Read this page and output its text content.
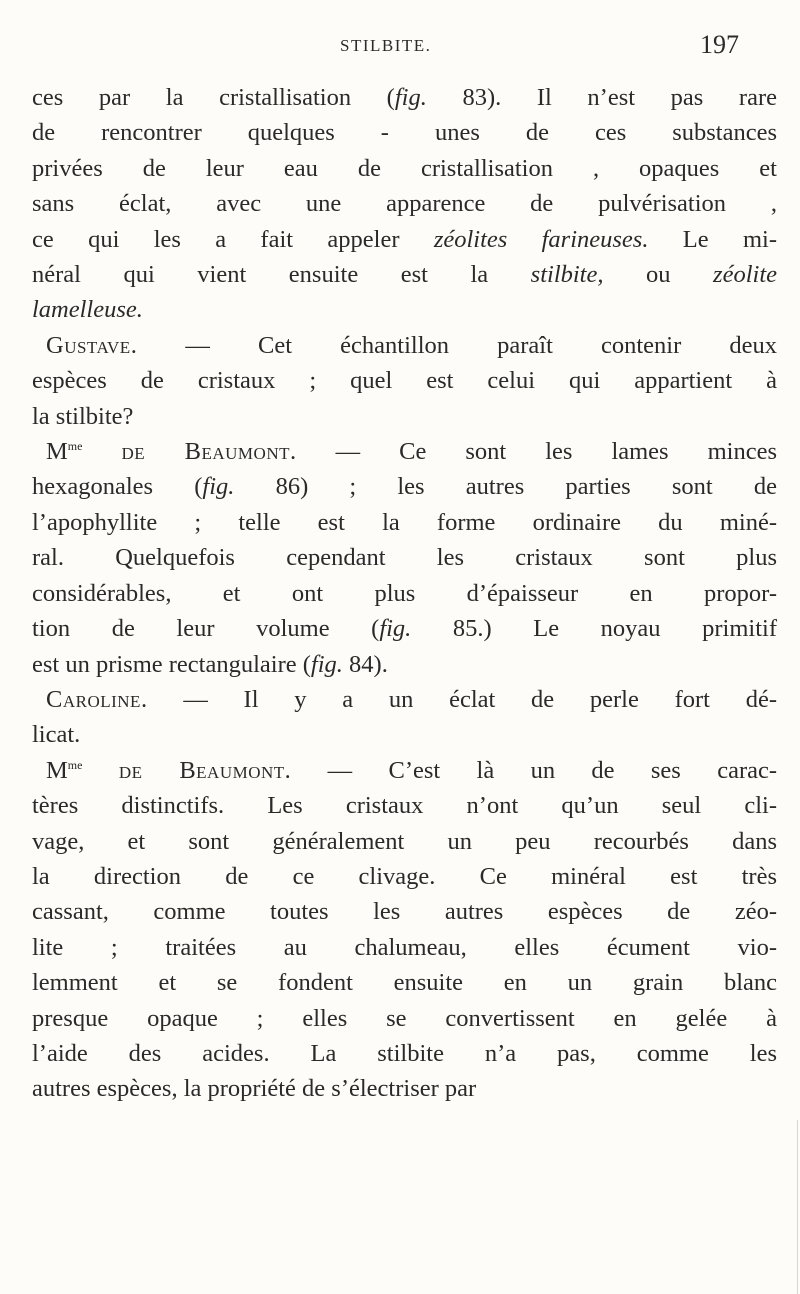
STILBITE.	197
ces par la cristallisation (fig. 83). Il n’est pas rare
de rencontrer quelques - unes de ces substances
privées de leur eau de cristallisation , opaques et
sans éclat, avec une apparence de pulvérisation ,
ce qui les a fait appeler zéolites farineuses. Le mi-
néral qui vient ensuite est la stilbite, ou zéolite
lamelleuse.
Gustave. — Cet échantillon paraît contenir deux
espèces de cristaux ; quel est celui qui appartient à
la stilbite?
$M^{me}$ de Beaumont. — Ce sont les lames minces
hexagonales (fig. 86) ; les autres parties sont de
l’apophyllite ; telle est la forme ordinaire du miné-
ral. Quelquefois cependant les cristaux sont plus
considérables, et ont plus d’épaisseur en propor-
tion de leur volume (fig. 85.) Le noyau primitif
est un prisme rectangulaire (fig. 84).
Caroline. — Il y a un éclat de perle fort dé-
licat.
$M^{me}$ de Beaumont. — C’est là un de ses carac-
tères distinctifs. Les cristaux n’ont qu’un seul cli-
vage, et sont généralement un peu recourbés dans
la direction de ce clivage. Ce minéral est très
cassant, comme toutes les autres espèces de zéo-
lite ; traitées au chalumeau, elles écument vio-
lemment et se fondent ensuite en un grain blanc
presque opaque ; elles se convertissent en gelée à
l’aide des acides. La stilbite n’a pas, comme les
autres espèces, la propriété de s’électriser par
